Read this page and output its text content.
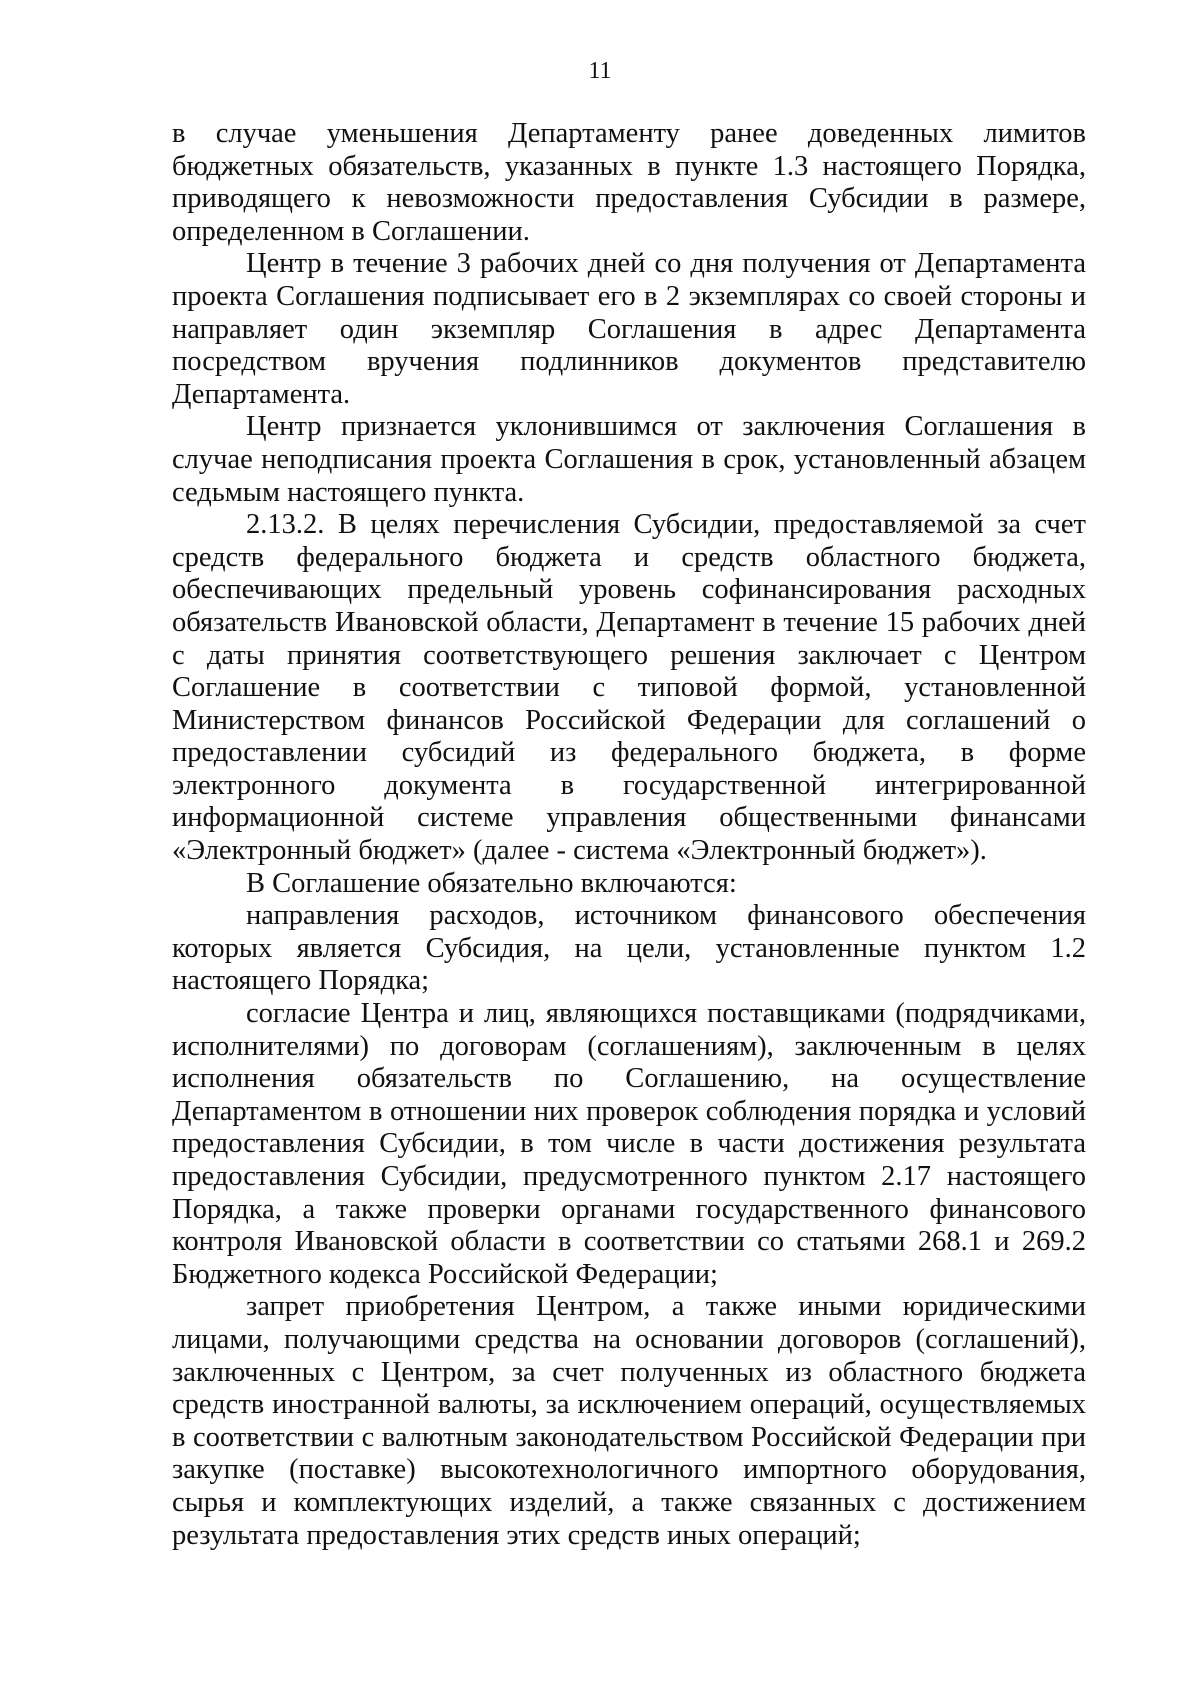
11

в случае уменьшения Департаменту ранее доведенных лимитов бюджетных обязательств, указанных в пункте 1.3 настоящего Порядка, приводящего к невозможности предоставления Субсидии в размере, определенном в Соглашении.

Центр в течение 3 рабочих дней со дня получения от Департамента проекта Соглашения подписывает его в 2 экземплярах со своей стороны и направляет один экземпляр Соглашения в адрес Департамента посредством вручения подлинников документов представителю Департамента.

Центр признается уклонившимся от заключения Соглашения в случае неподписания проекта Соглашения в срок, установленный абзацем седьмым настоящего пункта.

2.13.2. В целях перечисления Субсидии, предоставляемой за счет средств федерального бюджета и средств областного бюджета, обеспечивающих предельный уровень софинансирования расходных обязательств Ивановской области, Департамент в течение 15 рабочих дней с даты принятия соответствующего решения заключает с Центром Соглашение в соответствии с типовой формой, установленной Министерством финансов Российской Федерации для соглашений о предоставлении субсидий из федерального бюджета, в форме электронного документа в государственной интегрированной информационной системе управления общественными финансами «Электронный бюджет» (далее - система «Электронный бюджет»).

В Соглашение обязательно включаются:

направления расходов, источником финансового обеспечения которых является Субсидия, на цели, установленные пунктом 1.2 настоящего Порядка;

согласие Центра и лиц, являющихся поставщиками (подрядчиками, исполнителями) по договорам (соглашениям), заключенным в целях исполнения обязательств по Соглашению, на осуществление Департаментом в отношении них проверок соблюдения порядка и условий предоставления Субсидии, в том числе в части достижения результата предоставления Субсидии, предусмотренного пунктом 2.17 настоящего Порядка, а также проверки органами государственного финансового контроля Ивановской области в соответствии со статьями 268.1 и 269.2 Бюджетного кодекса Российской Федерации;

запрет приобретения Центром, а также иными юридическими лицами, получающими средства на основании договоров (соглашений), заключенных с Центром, за счет полученных из областного бюджета средств иностранной валюты, за исключением операций, осуществляемых в соответствии с валютным законодательством Российской Федерации при закупке (поставке) высокотехнологичного импортного оборудования, сырья и комплектующих изделий, а также связанных с достижением результата предоставления этих средств иных операций;
